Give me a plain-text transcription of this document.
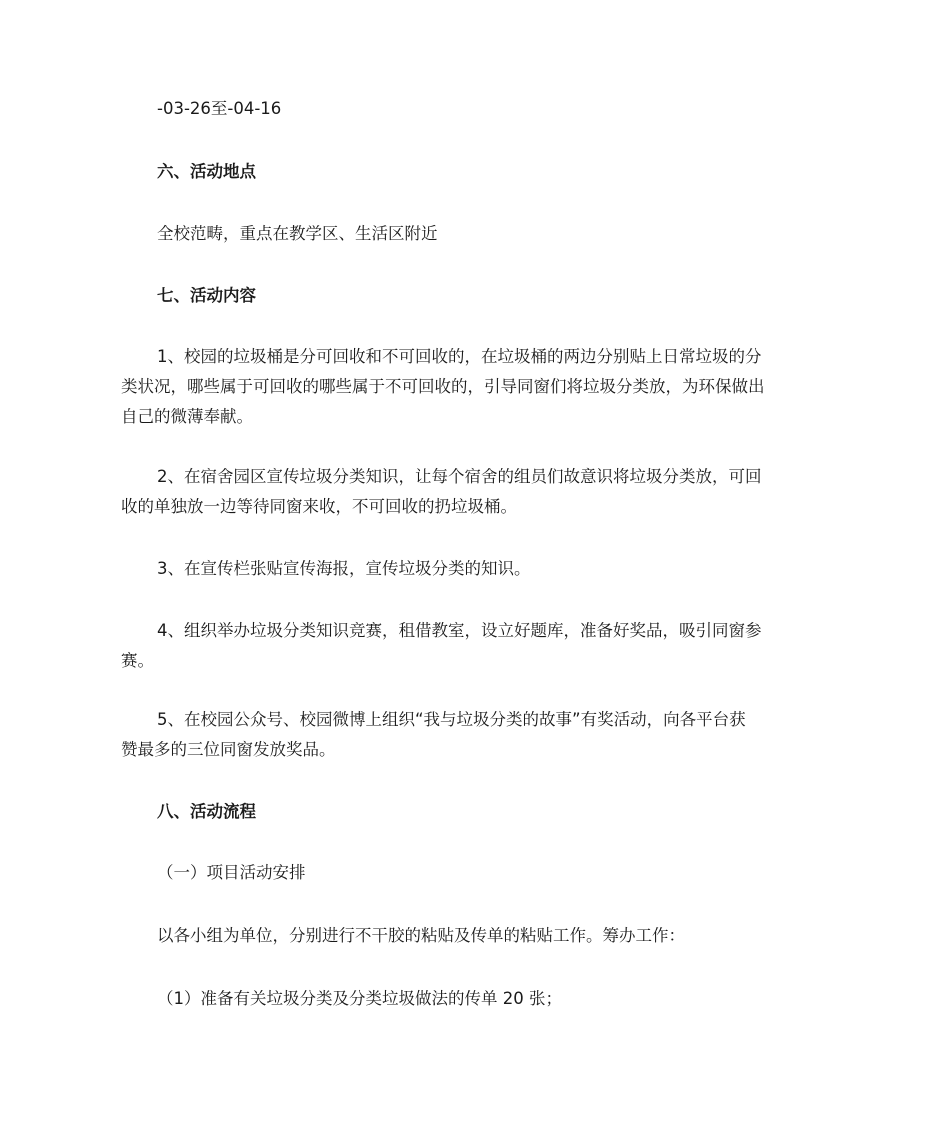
-03-26至-04-16

六、活动地点

全校范畴，重点在教学区、生活区附近

七、活动内容

1、校园的垃圾桶是分可回收和不可回收的，在垃圾桶的两边分别贴上日常垃圾的分
类状况，哪些属于可回收的哪些属于不可回收的，引导同窗们将垃圾分类放，为环保做出
自己的微薄奉献。

2、在宿舍园区宣传垃圾分类知识，让每个宿舍的组员们故意识将垃圾分类放，可回
收的单独放一边等待同窗来收，不可回收的扔垃圾桶。

3、在宣传栏张贴宣传海报，宣传垃圾分类的知识。

4、组织举办垃圾分类知识竞赛，租借教室，设立好题库，准备好奖品，吸引同窗参
赛。

5、在校园公众号、校园微博上组织“我与垃圾分类的故事”有奖活动，向各平台获
赞最多的三位同窗发放奖品。

八、活动流程

（一）项目活动安排

以各小组为单位，分别进行不干胶的粘贴及传单的粘贴工作。筹办工作：

（1）准备有关垃圾分类及分类垃圾做法的传单 20 张；
